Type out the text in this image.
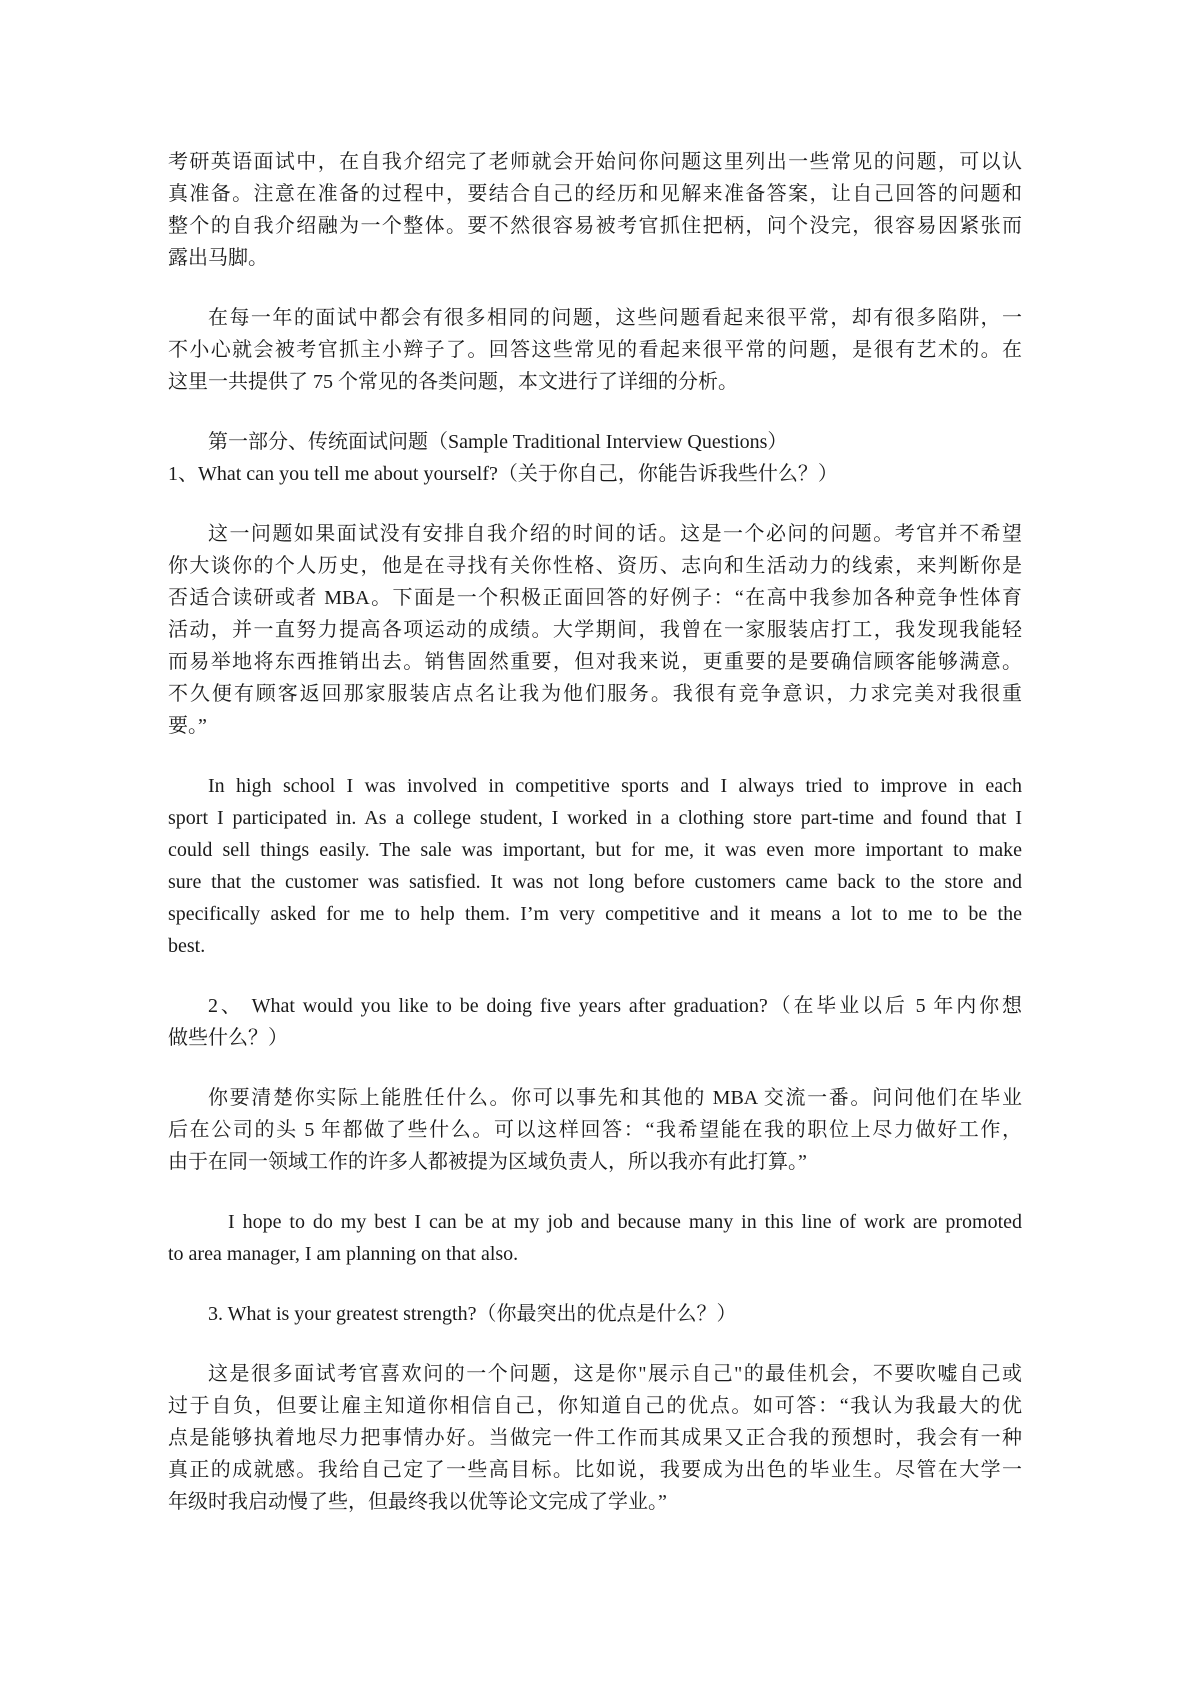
考研英语面试中，在自我介绍完了老师就会开始问你问题这里列出一些常见的问题，可以认
真准备。注意在准备的过程中，要结合自己的经历和见解来准备答案，让自己回答的问题和
整个的自我介绍融为一个整体。要不然很容易被考官抓住把柄，问个没完，很容易因紧张而
露出马脚。
在每一年的面试中都会有很多相同的问题，这些问题看起来很平常，却有很多陷阱，一
不小心就会被考官抓主小辫子了。回答这些常见的看起来很平常的问题，是很有艺术的。在
这里一共提供了 75 个常见的各类问题，本文进行了详细的分析。
第一部分、传统面试问题（Sample Traditional Interview Questions）
1、What can you tell me about yourself?（关于你自己，你能告诉我些什么？）
这一问题如果面试没有安排自我介绍的时间的话。这是一个必问的问题。考官并不希望
你大谈你的个人历史，他是在寻找有关你性格、资历、志向和生活动力的线索，来判断你是
否适合读研或者 MBA。下面是一个积极正面回答的好例子：“在高中我参加各种竞争性体育
活动，并一直努力提高各项运动的成绩。大学期间，我曾在一家服装店打工，我发现我能轻
而易举地将东西推销出去。销售固然重要，但对我来说，更重要的是要确信顾客能够满意。
不久便有顾客返回那家服装店点名让我为他们服务。我很有竞争意识，力求完美对我很重
要。”
In high school I was involved in competitive sports and I always tried to improve in each
sport I participated in. As a college student, I worked in a clothing store part-time and found that I
could sell things easily. The sale was important, but for me, it was even more important to make
sure that the customer was satisfied. It was not long before customers came back to the store and
specifically asked for me to help them. I’m very competitive and it means a lot to me to be the
best.
2、 What would you like to be doing five years after graduation?（在毕业以后 5 年内你想
做些什么？）
你要清楚你实际上能胜任什么。你可以事先和其他的 MBA 交流一番。问问他们在毕业
后在公司的头 5 年都做了些什么。可以这样回答：“我希望能在我的职位上尽力做好工作，
由于在同一领域工作的许多人都被提为区域负责人，所以我亦有此打算。”
I hope to do my best I can be at my job and because many in this line of work are promoted
to area manager, I am planning on that also.
3. What is your greatest strength?（你最突出的优点是什么？）
这是很多面试考官喜欢问的一个问题，这是你"展示自己"的最佳机会，不要吹嘘自己或
过于自负，但要让雇主知道你相信自己，你知道自己的优点。如可答：“我认为我最大的优
点是能够执着地尽力把事情办好。当做完一件工作而其成果又正合我的预想时，我会有一种
真正的成就感。我给自己定了一些高目标。比如说，我要成为出色的毕业生。尽管在大学一
年级时我启动慢了些，但最终我以优等论文完成了学业。”
